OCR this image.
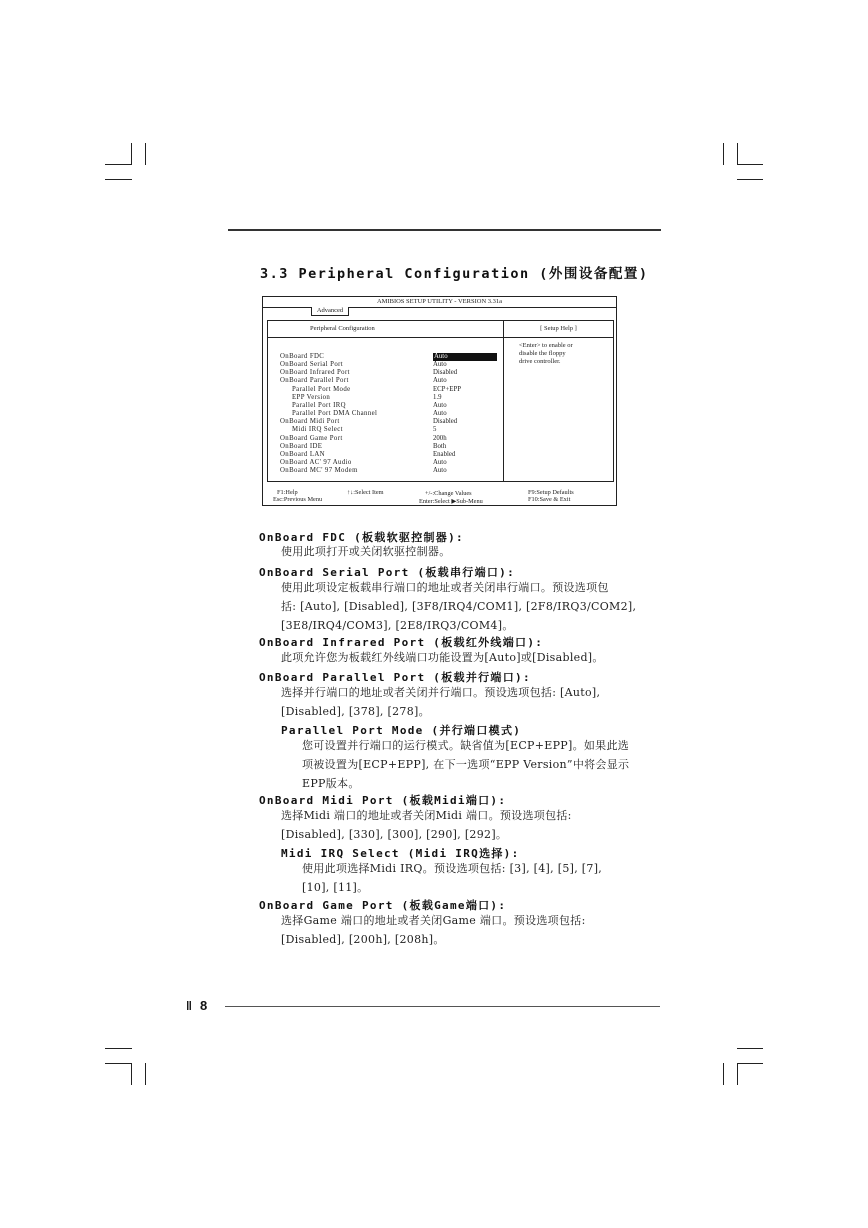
3.3 Peripheral Configuration (外围设备配置)
AMIBIOS SETUP UTILITY - VERSION 3.31a
Advanced
Peripheral Configuration
OnBoard FDC	Auto
OnBoard Serial Port	Auto
OnBoard Infrared Port	Disabled
OnBoard Parallel Port	Auto
Parallel Port Mode	ECP+EPP
EPP Version	1.9
Parallel Port IRQ	Auto
Parallel Port DMA Channel	Auto
OnBoard Midi Port	Disabled
Midi IRQ Select	5
OnBoard Game Port	200h
OnBoard IDE	Both
OnBoard LAN	Enabled
OnBoard AC' 97 Audio	Auto
OnBoard MC' 97 Modem	Auto
[ Setup Help ]
<Enter> to enable or
disable the floppy
drive controller.
F1:Help
Esc:Previous Menu
↑↓:Select Item	+/-:Change Values
Enter:Select ▶Sub-Menu
F9:Setup Defaults
F10:Save & Exit
OnBoard FDC (板载软驱控制器):
使用此项打开或关闭软驱控制器。
OnBoard Serial Port (板载串行端口):
使用此项设定板载串行端口的地址或者关闭串行端口。预设选项包
括: [Auto], [Disabled], [3F8/IRQ4/COM1], [2F8/IRQ3/COM2],
[3E8/IRQ4/COM3], [2E8/IRQ3/COM4]。
OnBoard Infrared Port (板载红外线端口):
此项允许您为板载红外线端口功能设置为[Auto]或[Disabled]。
OnBoard Parallel Port (板载并行端口):
选择并行端口的地址或者关闭并行端口。预设选项包括: [Auto],
[Disabled], [378], [278]。
Parallel Port Mode (并行端口模式)
您可设置并行端口的运行模式。缺省值为[ECP+EPP]。如果此选
项被设置为[ECP+EPP], 在下一选项“EPP Version”中将会显示
EPP版本。
OnBoard Midi Port (板载Midi端口):
选择Midi 端口的地址或者关闭Midi 端口。预设选项包括:
[Disabled], [330], [300], [290], [292]。
Midi IRQ Select (Midi IRQ选择):
使用此项选择Midi IRQ。预设选项包括: [3], [4], [5], [7],
[10], [11]。
OnBoard Game Port (板载Game端口):
选择Game 端口的地址或者关闭Game 端口。预设选项包括:
[Disabled], [200h], [208h]。
‖ 8
